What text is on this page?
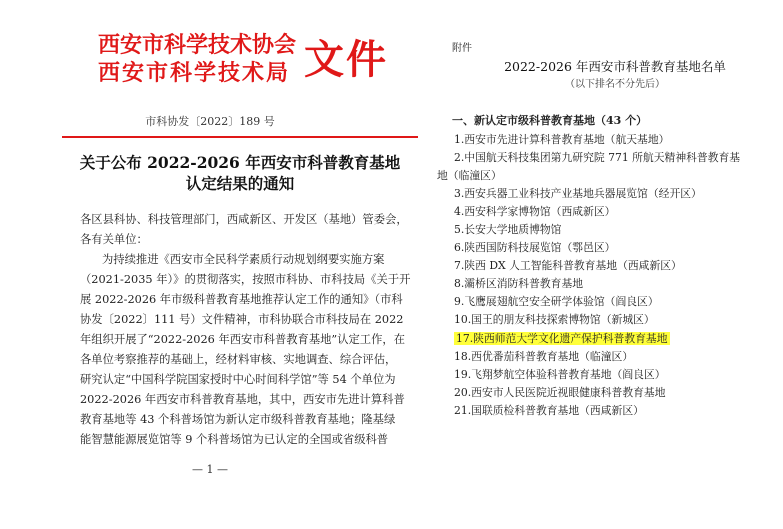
西安市科学技术协会
西安市科学技术局 文件
市科协发〔2022〕189 号
关于公布 2022-2026 年西安市科普教育基地
认定结果的通知
各区县科协、科技管理部门，西咸新区、开发区（基地）管委会，
各有关单位：
为持续推进《西安市全民科学素质行动规划纲要实施方案
（2021-2035 年）》的贯彻落实，按照市科协、市科技局《关于开
展 2022-2026 年市级科普教育基地推荐认定工作的通知》（市科
协发〔2022〕111 号）文件精神，市科协联合市科技局在 2022
年组织开展了“2022-2026 年西安市科普教育基地”认定工作，在
各单位考察推荐的基础上，经材料审核、实地调查、综合评估，
研究认定“中国科学院国家授时中心时间科学馆”等 54 个单位为
2022-2026 年西安市科普教育基地，其中，西安市先进计算科普
教育基地等 43 个科普场馆为新认定市级科普教育基地；隆基绿
能智慧能源展览馆等 9 个科普场馆为已认定的全国或省级科普
— 1 —
附件
2022-2026 年西安市科普教育基地名单
（以下排名不分先后）
一、新认定市级科普教育基地（43 个）
1.西安市先进计算科普教育基地（航天基地）
2.中国航天科技集团第九研究院 771 所航天精神科普教育基
地（临潼区）
3.西安兵器工业科技产业基地兵器展览馆（经开区）
4.西安科学家博物馆（西咸新区）
5.长安大学地质博物馆
6.陕西国防科技展览馆（鄠邑区）
7.陕西 DX 人工智能科普教育基地（西咸新区）
8.灞桥区消防科普教育基地
9.飞鹰展翅航空安全研学体验馆（阎良区）
10.国王的朋友科技探索博物馆（新城区）
17.陕西师范大学文化遗产保护科普教育基地
18.西优番茄科普教育基地（临潼区）
19.飞翔梦航空体验科普教育基地（阎良区）
20.西安市人民医院近视眼健康科普教育基地
21.国联质检科普教育基地（西咸新区）
